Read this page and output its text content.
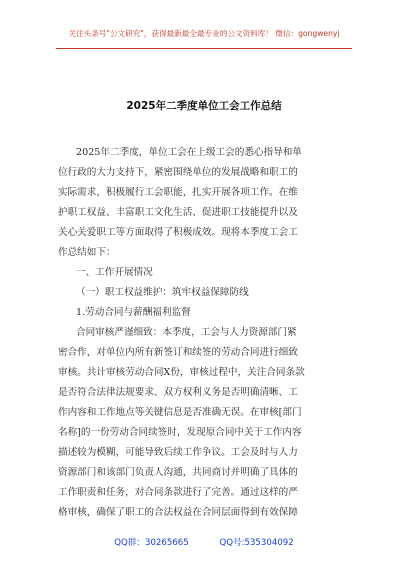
关注头条号"公文研究"，获得最新最全最专业的公文资料库！ 微信：gongwenyj
2025年二季度单位工会工作总结
2025年二季度，单位工会在上级工会的悉心指导和单
位行政的大力支持下，紧密围绕单位的发展战略和职工的
实际需求，积极履行工会职能，扎实开展各项工作。在维
护职工权益、丰富职工文化生活、促进职工技能提升以及
关心关爱职工等方面取得了积极成效。现将本季度工会工
作总结如下：
一、工作开展情况
（一）职工权益维护：筑牢权益保障防线
1.劳动合同与薪酬福利监督
合同审核严谨细致：本季度，工会与人力资源部门紧
密合作，对单位内所有新签订和续签的劳动合同进行细致
审核。共计审核劳动合同X份，审核过程中，关注合同条款
是否符合法律法规要求、双方权利义务是否明确清晰、工
作内容和工作地点等关键信息是否准确无误。在审核[部门
名称]的一份劳动合同续签时，发现原合同中关于工作内容
描述较为模糊，可能导致后续工作争议。工会及时与人力
资源部门和该部门负责人沟通，共同商讨并明确了具体的
工作职责和任务，对合同条款进行了完善。通过这样的严
格审核，确保了职工的合法权益在合同层面得到有效保障
QQ群：30265665	QQ号:535304092
